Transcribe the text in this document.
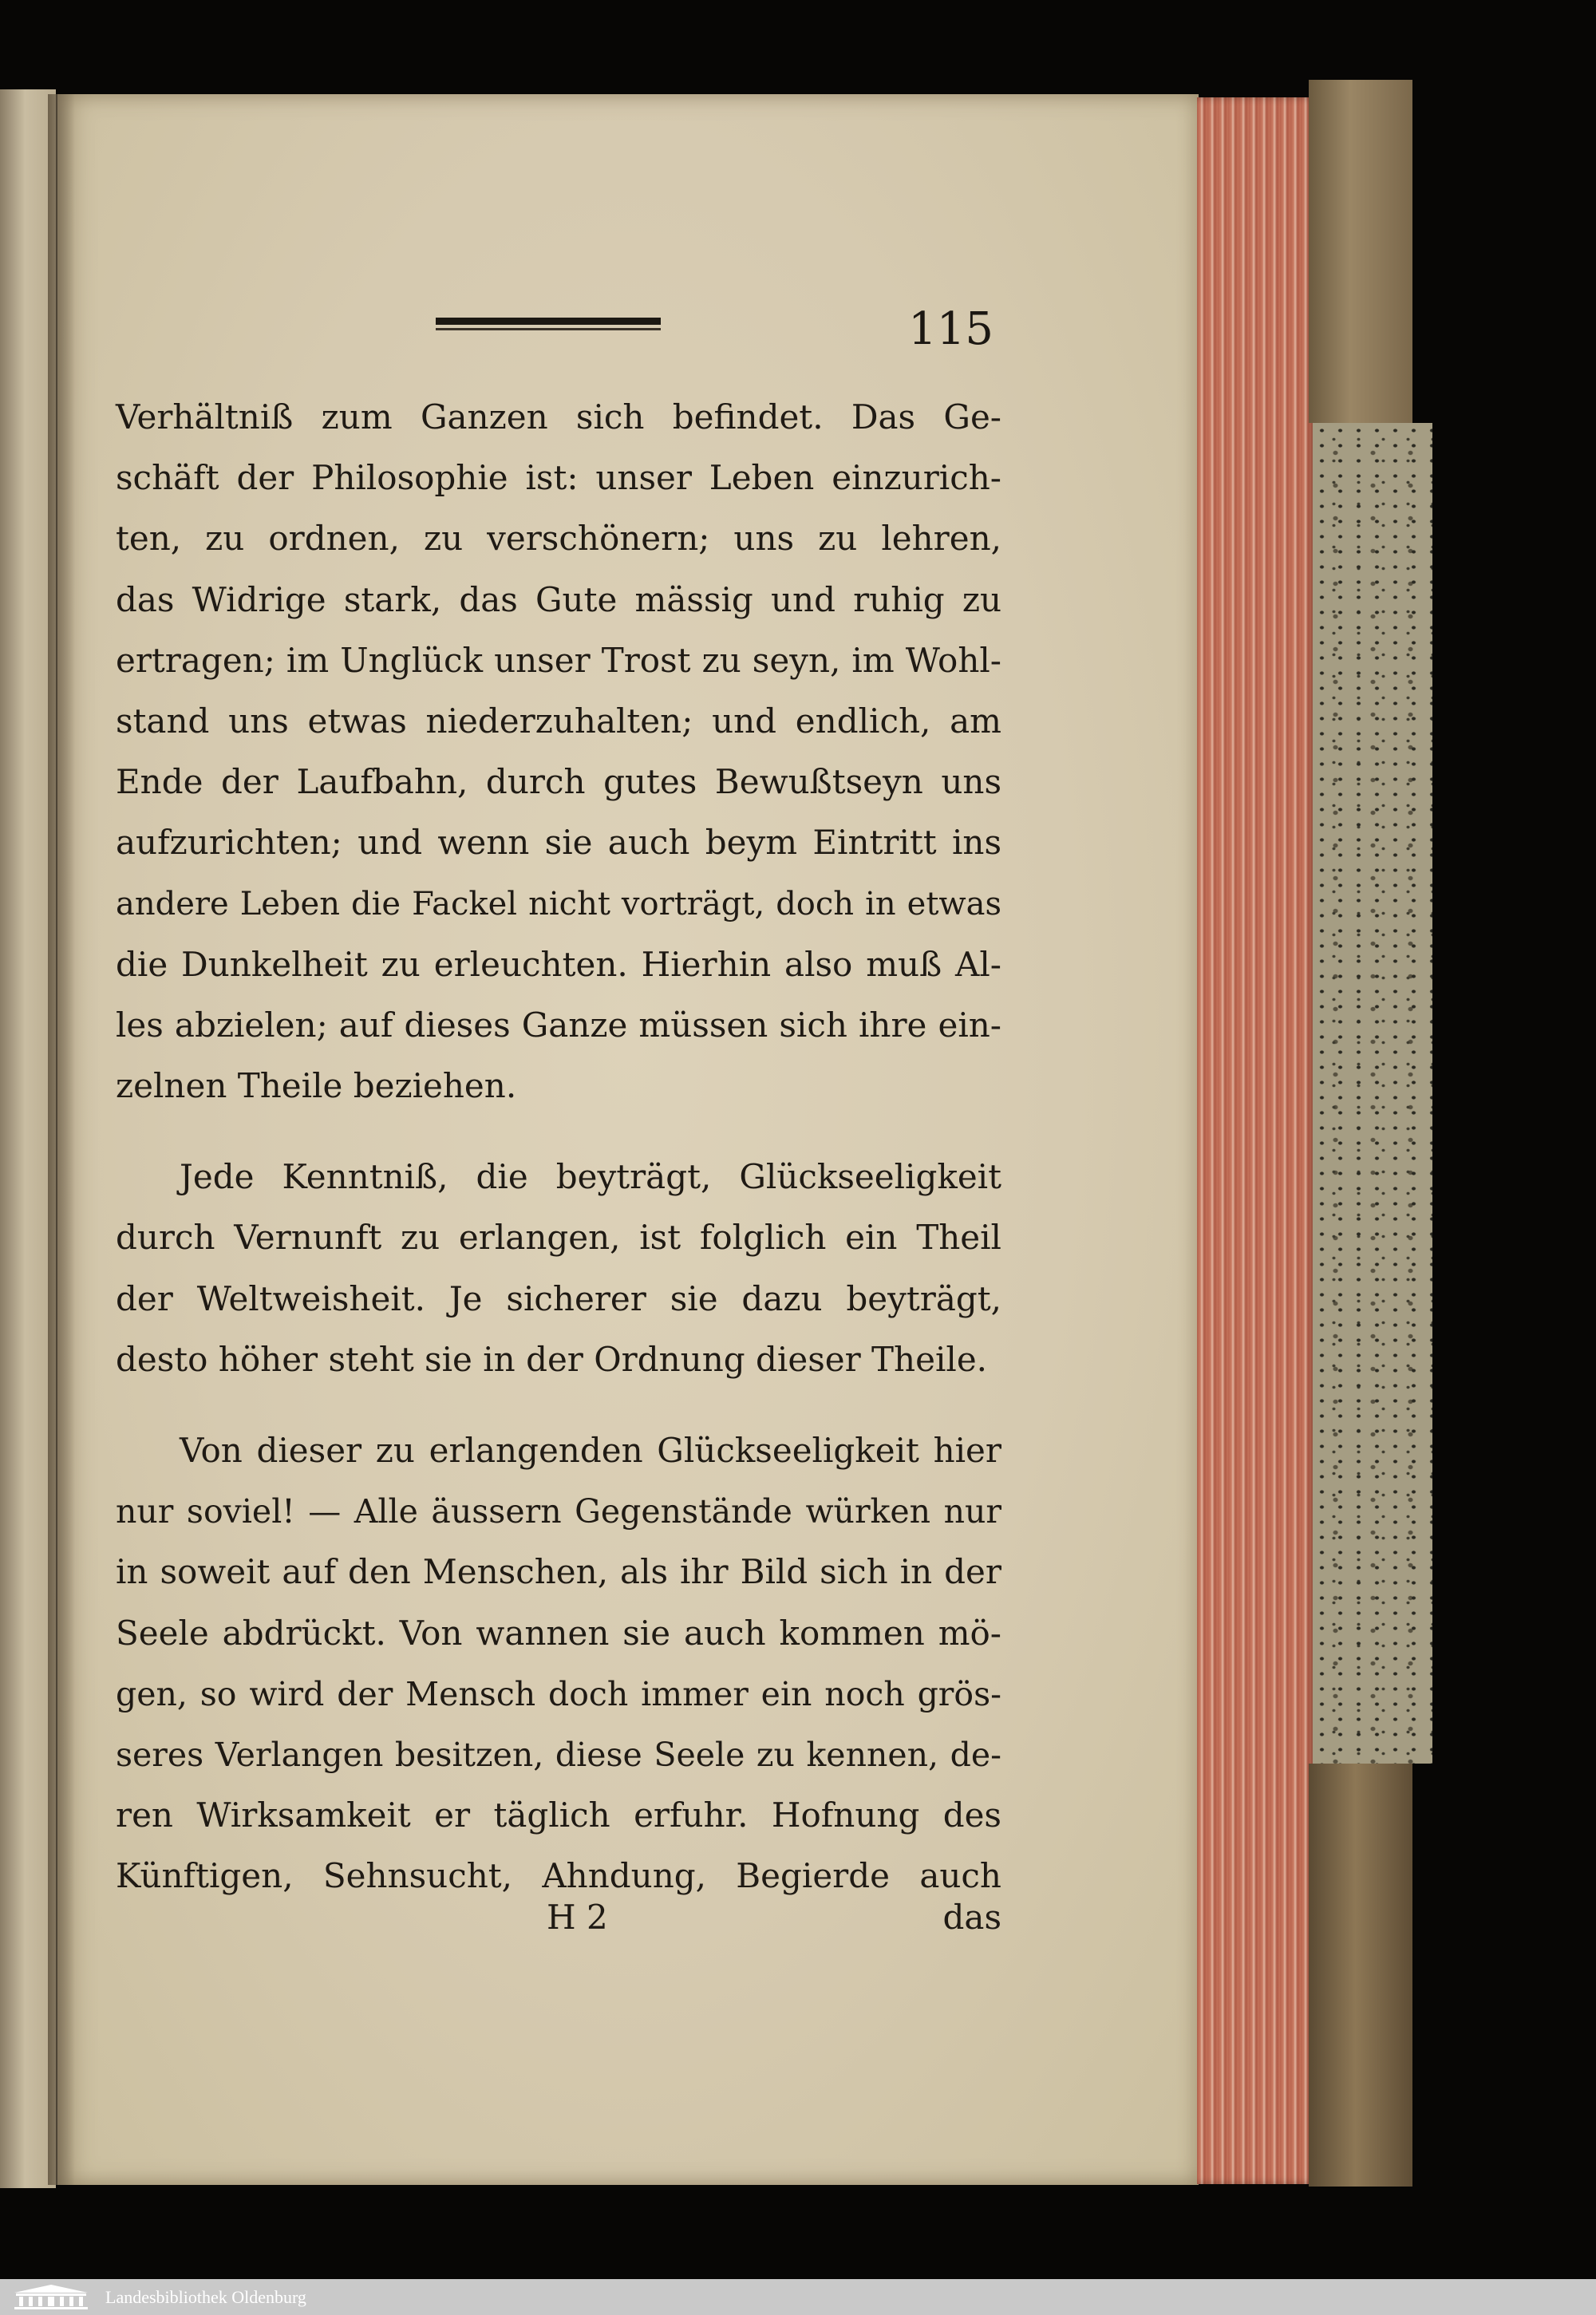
115
Verhältniß zum Ganzen sich befindet. Das Ge-
schäft der Philosophie ist: unser Leben einzurich-
ten, zu ordnen, zu verschönern; uns zu lehren,
das Widrige stark, das Gute mässig und ruhig zu
ertragen; im Unglück unser Trost zu seyn, im Wohl-
stand uns etwas niederzuhalten; und endlich, am
Ende der Laufbahn, durch gutes Bewußtseyn uns
aufzurichten; und wenn sie auch beym Eintritt ins
andere Leben die Fackel nicht vorträgt, doch in etwas
die Dunkelheit zu erleuchten. Hierhin also muß Al-
les abzielen; auf dieses Ganze müssen sich ihre ein-
zelnen Theile beziehen.
Jede Kenntniß, die beyträgt, Glückseeligkeit
durch Vernunft zu erlangen, ist folglich ein Theil
der Weltweisheit. Je sicherer sie dazu beyträgt,
desto höher steht sie in der Ordnung dieser Theile.
Von dieser zu erlangenden Glückseeligkeit hier
nur soviel! — Alle äussern Gegenstände würken nur
in soweit auf den Menschen, als ihr Bild sich in der
Seele abdrückt. Von wannen sie auch kommen mö-
gen, so wird der Mensch doch immer ein noch grös-
seres Verlangen besitzen, diese Seele zu kennen, de-
ren Wirksamkeit er täglich erfuhr. Hofnung des
Künftigen, Sehnsucht, Ahndung, Begierde auch
H 2	das
Landesbibliothek Oldenburg
